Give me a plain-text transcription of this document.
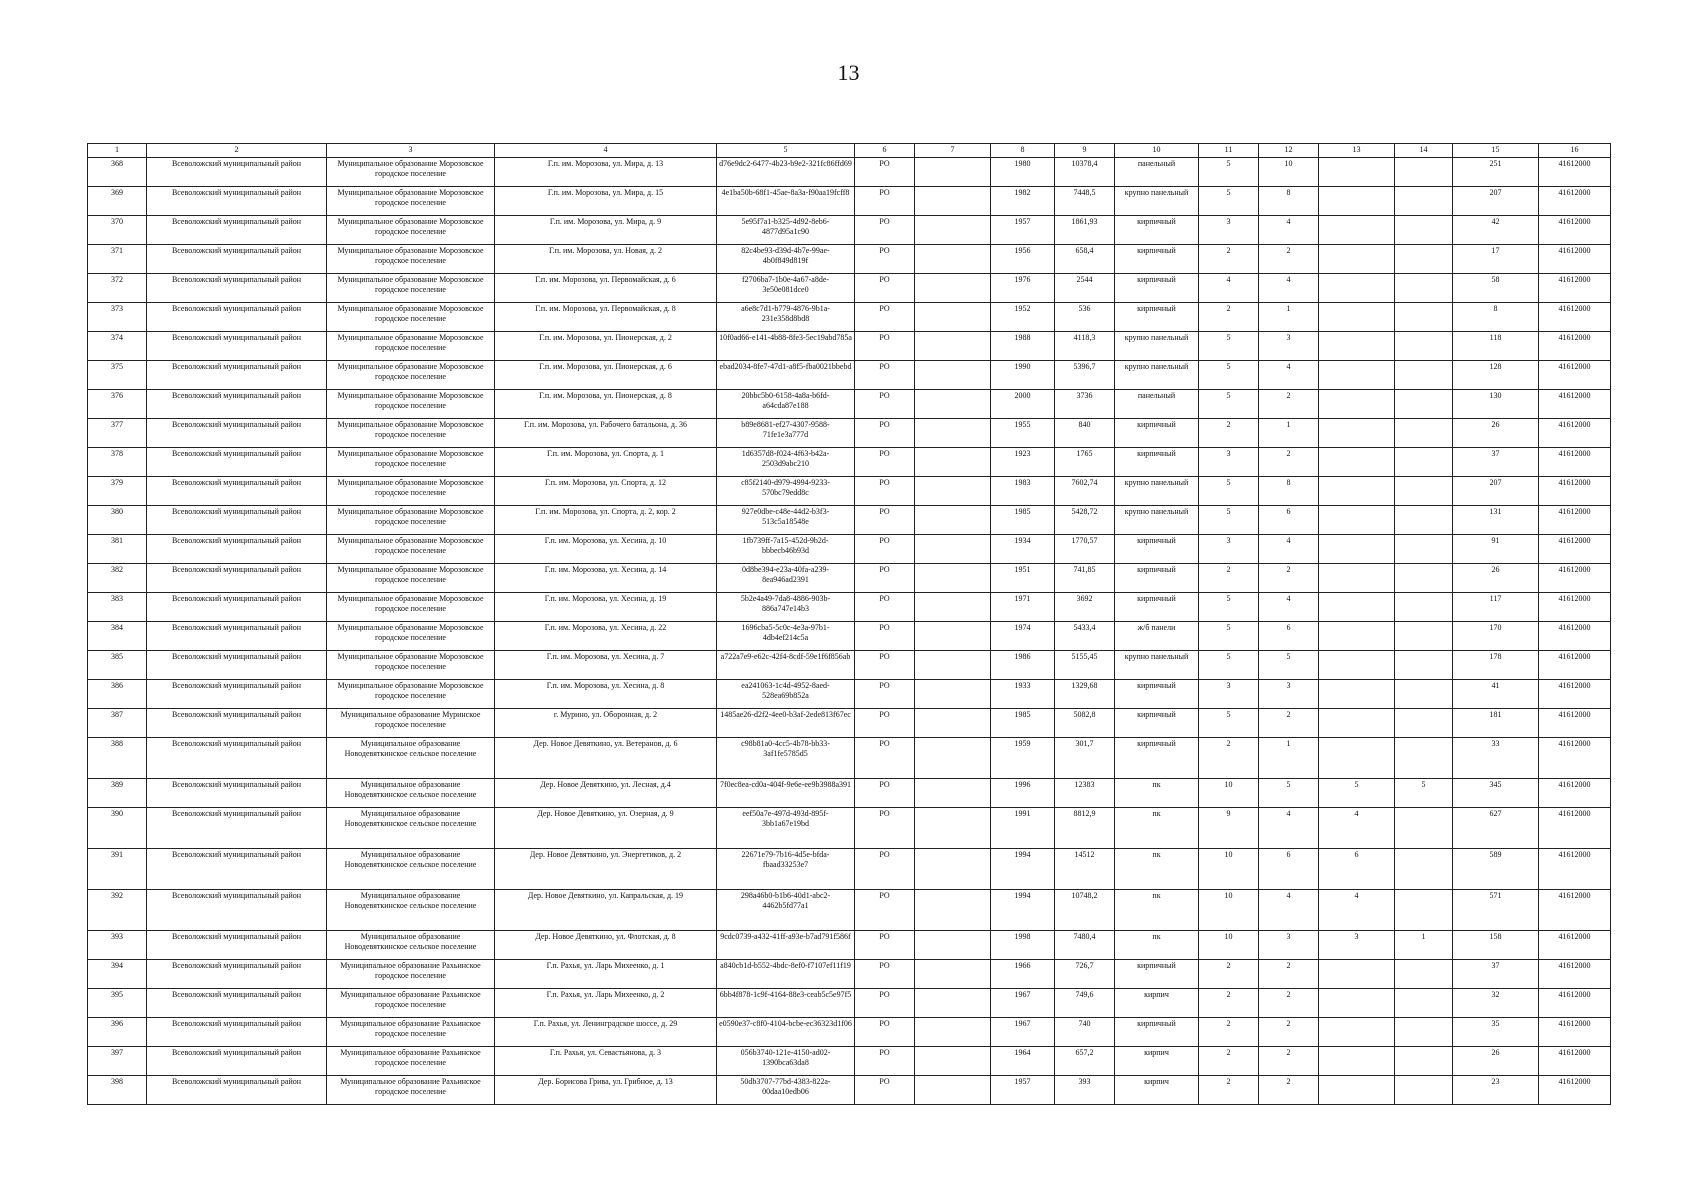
13
1	2	3	4	5	6	7	8	9	10	11	12	13	14	15	16
368	Всеволожский муниципальный район	Муниципальное образование Морозовское городское поселение	Г.п. им. Морозова, ул. Мира, д. 13	d76e9dc2-6477-4b23-b9e2-321fc86ffd69	РО		1980	10378,4	панельный	5	10			251	41612000
369	Всеволожский муниципальный район	Муниципальное образование Морозовское городское поселение	Г.п. им. Морозова, ул. Мира, д. 15	4e1ba50b-68f1-45ae-8a3a-f90aa19fcff8	РО		1982	7448,5	крупно панельный	5	8			207	41612000
370	Всеволожский муниципальный район	Муниципальное образование Морозовское городское поселение	Г.п. им. Морозова, ул. Мира, д. 9	5e95f7a1-b325-4d92-8eb6-4877d95a1c90	РО		1957	1861,93	кирпичный	3	4			42	41612000
371	Всеволожский муниципальный район	Муниципальное образование Морозовское городское поселение	Г.п. им. Морозова, ул. Новая, д. 2	82c4be93-d39d-4b7e-99ae-4b0f849d819f	РО		1956	658,4	кирпичный	2	2			17	41612000
372	Всеволожский муниципальный район	Муниципальное образование Морозовское городское поселение	Г.п. им. Морозова, ул. Первомайская, д. 6	f2706ba7-1b0e-4a67-a8de-3e50e081dce0	РО		1976	2544	кирпичный	4	4			58	41612000
373	Всеволожский муниципальный район	Муниципальное образование Морозовское городское поселение	Г.п. им. Морозова, ул. Первомайская, д. 8	a6e8c7d1-b779-4876-9b1a-231e358d8bd8	РО		1952	536	кирпичный	2	1			8	41612000
374	Всеволожский муниципальный район	Муниципальное образование Морозовское городское поселение	Г.п. им. Морозова, ул. Пионерская, д. 2	10f0ad66-e141-4b88-8fe3-5ec19abd785a	РО		1988	4118,3	крупно панельный	5	3			118	41612000
375	Всеволожский муниципальный район	Муниципальное образование Морозовское городское поселение	Г.п. им. Морозова, ул. Пионерская, д. 6	ebad2034-8fe7-47d1-a8f5-fba0021bbebd	РО		1990	5396,7	крупно панельный	5	4			128	41612000
376	Всеволожский муниципальный район	Муниципальное образование Морозовское городское поселение	Г.п. им. Морозова, ул. Пионерская, д. 8	20bbc5b0-6158-4a8a-b6fd-a64cda87e188	РО		2000	3736	панельный	5	2			130	41612000
377	Всеволожский муниципальный район	Муниципальное образование Морозовское городское поселение	Г.п. им. Морозова, ул. Рабочего батальона, д. 36	b89e8681-ef27-4307-9588-71fe1e3a777d	РО		1955	840	кирпичный	2	1			26	41612000
378	Всеволожский муниципальный район	Муниципальное образование Морозовское городское поселение	Г.п. им. Морозова, ул. Спорта, д. 1	1d6357d8-f024-4f63-b42a-2503d9abc210	РО		1923	1765	кирпичный	3	2			37	41612000
379	Всеволожский муниципальный район	Муниципальное образование Морозовское городское поселение	Г.п. им. Морозова, ул. Спорта, д. 12	c85f2140-d979-4994-9233-570bc79edd8c	РО		1983	7602,74	крупно панельный	5	8			207	41612000
380	Всеволожский муниципальный район	Муниципальное образование Морозовское городское поселение	Г.п. им. Морозова, ул. Спорта, д. 2, кор. 2	927e0dbe-c48e-44d2-b3f3-513c5a18548e	РО		1985	5428,72	крупно панельный	5	6			131	41612000
381	Всеволожский муниципальный район	Муниципальное образование Морозовское городское поселение	Г.п. им. Морозова, ул. Хесина, д. 10	1fb739ff-7a15-452d-9b2d-bbbecb46b93d	РО		1934	1770,57	кирпичный	3	4			91	41612000
382	Всеволожский муниципальный район	Муниципальное образование Морозовское городское поселение	Г.п. им. Морозова, ул. Хесина, д. 14	0d8be394-e23a-40fa-a239-8ea946ad2391	РО		1951	741,85	кирпичный	2	2			26	41612000
383	Всеволожский муниципальный район	Муниципальное образование Морозовское городское поселение	Г.п. им. Морозова, ул. Хесина, д. 19	5b2e4a49-7da8-4886-903b-886a747e14b3	РО		1971	3692	кирпичный	5	4			117	41612000
384	Всеволожский муниципальный район	Муниципальное образование Морозовское городское поселение	Г.п. им. Морозова, ул. Хесина, д. 22	1696cba5-5c0c-4e3a-97b1-4db4ef214c5a	РО		1974	5433,4	ж/б панели	5	6			170	41612000
385	Всеволожский муниципальный район	Муниципальное образование Морозовское городское поселение	Г.п. им. Морозова, ул. Хесина, д. 7	a722a7e9-e62c-42f4-8cdf-59e1f6f856ab	РО		1986	5155,45	крупно панельный	5	5			178	41612000
386	Всеволожский муниципальный район	Муниципальное образование Морозовское городское поселение	Г.п. им. Морозова, ул. Хесина, д. 8	ea241063-1c4d-4952-8aed-528ea69b852a	РО		1933	1329,68	кирпичный	3	3			41	41612000
387	Всеволожский муниципальный район	Муниципальное образование Муринское городское поселение	г. Мурино, ул. Оборонная, д. 2	1485ae26-d2f2-4ee0-b3af-2ede813f67ec	РО		1985	5082,8	кирпичный	5	2			181	41612000
388	Всеволожский муниципальный район	Муниципальное образование Новодевяткинское сельское поселение	Дер. Новое Девяткино, ул. Ветеранов, д. 6	c98b81a0-4cc5-4b78-bb33-3af1fe5785d5	РО		1959	301,7	кирпичный	2	1			33	41612000
389	Всеволожский муниципальный район	Муниципальное образование Новодевяткинское сельское поселение	Дер. Новое Девяткино, ул. Лесная, д.4	7f0ec8ea-cd0a-404f-9e6e-ee9b3988a391	РО		1996	12383	пк	10	5	5	5	345	41612000
390	Всеволожский муниципальный район	Муниципальное образование Новодевяткинское сельское поселение	Дер. Новое Девяткино, ул. Озерная, д. 9	eef50a7e-497d-493d-895f-3bb1a67e19bd	РО		1991	8812,9	пк	9	4	4		627	41612000
391	Всеволожский муниципальный район	Муниципальное образование Новодевяткинское сельское поселение	Дер. Новое Девяткино, ул. Энергетиков, д. 2	22671e79-7b16-4d5e-bfda-fbaad33253e7	РО		1994	14512	пк	10	6	6		589	41612000
392	Всеволожский муниципальный район	Муниципальное образование Новодевяткинское сельское поселение	Дер. Новое Девяткино, ул. Капральская, д. 19	298a46b0-b1b6-40d1-abc2-4462b5fd77a1	РО		1994	10748,2	пк	10	4	4		571	41612000
393	Всеволожский муниципальный район	Муниципальное образование Новодевяткинское сельское поселение	Дер. Новое Девяткино, ул. Флотская, д. 8	9cdc0739-a432-41ff-a93e-b7ad791f586f	РО		1998	7480,4	пк	10	3	3	1	158	41612000
394	Всеволожский муниципальный район	Муниципальное образование Рахьинское городское поселение	Г.п. Рахья, ул. Ларь Михеенко, д. 1	a840cb1d-b552-4bdc-8ef0-f7107ef11f19	РО		1966	726,7	кирпичный	2	2			37	41612000
395	Всеволожский муниципальный район	Муниципальное образование Рахьинское городское поселение	Г.п. Рахья, ул. Ларь Михеенко, д. 2	6bb4f878-1c9f-4164-88e3-ceab5c5e97f5	РО		1967	749,6	кирпич	2	2			32	41612000
396	Всеволожский муниципальный район	Муниципальное образование Рахьинское городское поселение	Г.п. Рахья, ул. Ленинградское шоссе, д. 29	e0590e37-c8f0-4104-bcbe-ec36323d1f06	РО		1967	740	кирпичный	2	2			35	41612000
397	Всеволожский муниципальный район	Муниципальное образование Рахьинское городское поселение	Г.п. Рахья, ул. Севастьянова, д. 3	056b3740-121e-4150-ad02-1390bca63da8	РО		1964	657,2	кирпич	2	2			26	41612000
398	Всеволожский муниципальный район	Муниципальное образование Рахьинское городское поселение	Дер. Борисова Грива, ул. Грибное, д. 13	50db3707-77bd-4383-822a-00daa10edb06	РО		1957	393	кирпич	2	2			23	41612000
